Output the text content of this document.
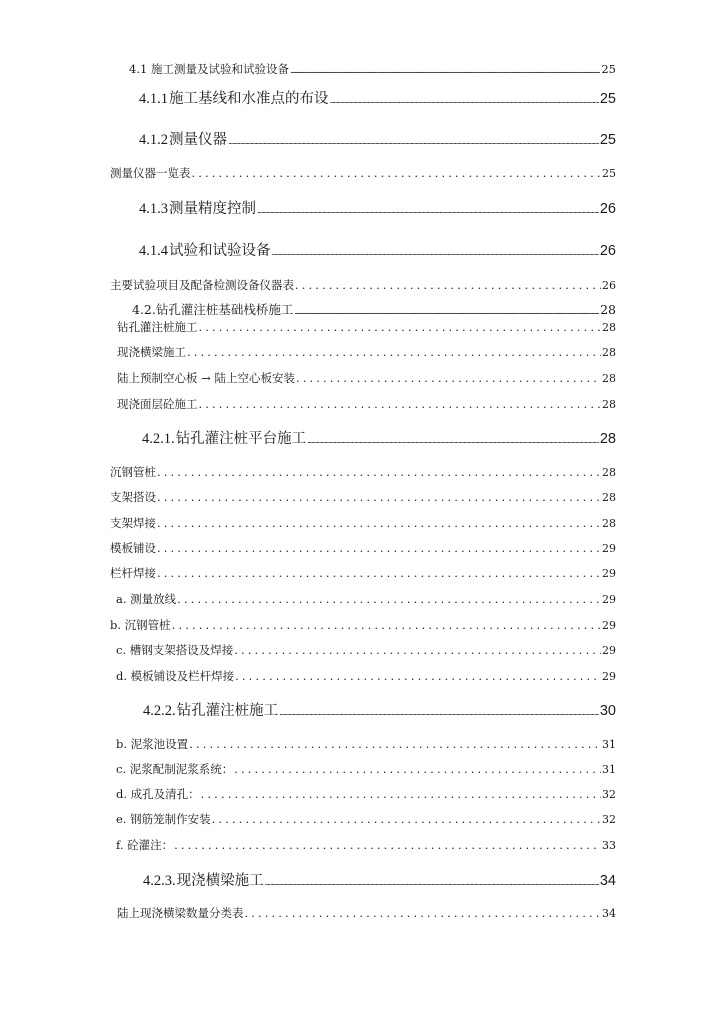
4.1 施工测量及试验和试验设备 .....	25
4.1.1 施工基线和水准点的布设 .....	25
4.1.2 测量仪器 .....	25
测量仪器一览表 .....	25
4.1.3 测量精度控制 .....	26
4.1.4 试验和试验设备 .....	26
主要试验项目及配备检测设备仪器表 .....	26
4.2.钻孔灌注桩基础栈桥施工 .....	28
钻孔灌注桩施工 .....	28
现浇横梁施工 .....	28
陆上预制空心板 → 陆上空心板安装 .....	28
现浇面层砼施工 .....	28
4.2.1. 钻孔灌注桩平台施工 .....	28
沉钢管桩 .....	28
支架搭设 .....	28
支架焊接 .....	28
模板铺设 .....	29
栏杆焊接 .....	29
a. 测量放线 .....	29
b. 沉钢管桩 .....	29
c. 槽钢支架搭设及焊接 .....	29
d. 模板铺设及栏杆焊接 .....	29
4.2.2. 钻孔灌注桩施工 .....	30
b. 泥浆池设置 .....	31
c. 泥浆配制泥浆系统： .....	31
d. 成孔及清孔： .....	32
e. 钢筋笼制作安装 .....	32
f. 砼灌注： .....	33
4.2.3. 现浇横梁施工 .....	34
陆上现浇横梁数量分类表 .....	34
